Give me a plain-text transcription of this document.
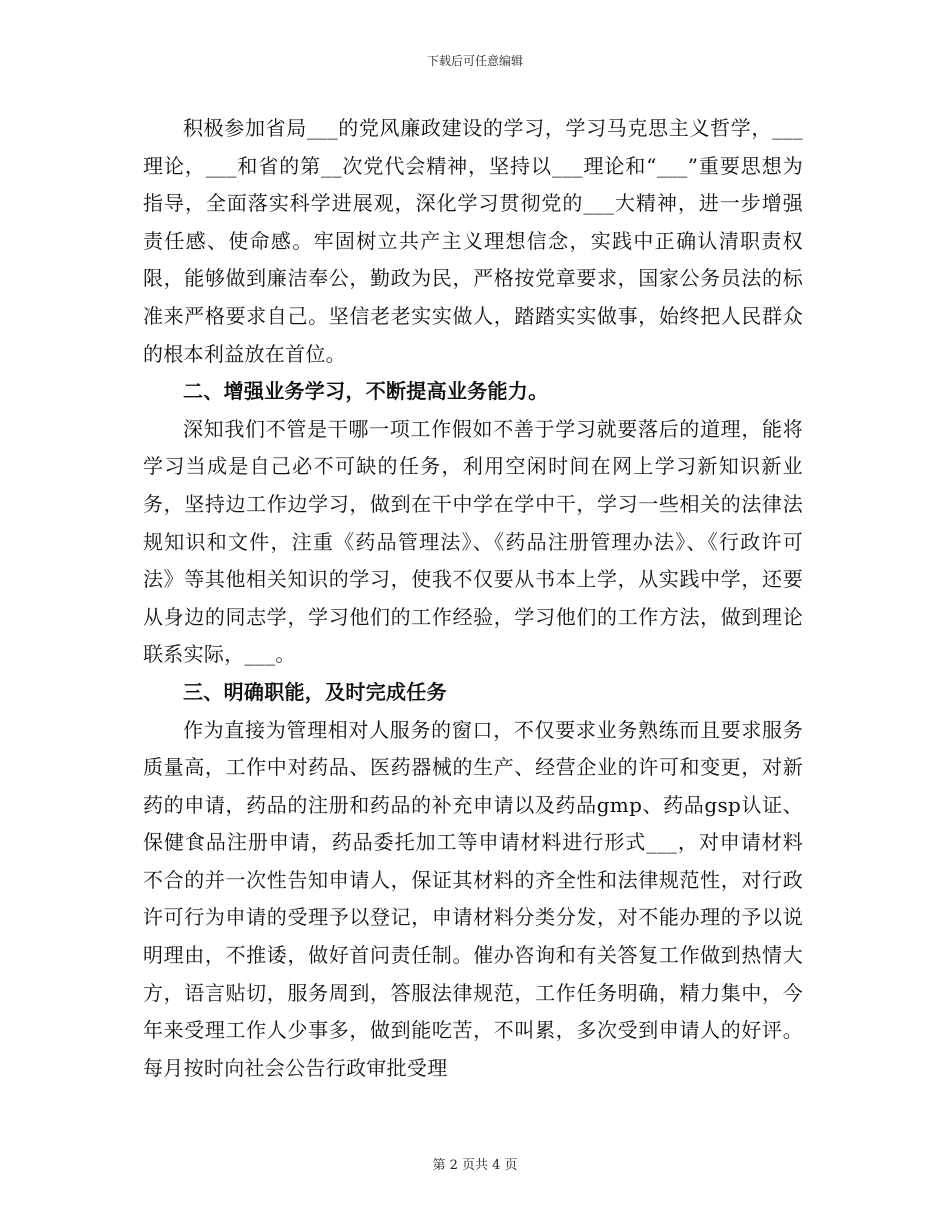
下载后可任意编辑

积极参加省局___的党风廉政建设的学习，学习马克思主义哲学，___理论，___和省的第__次党代会精神，坚持以___理论和“___”重要思想为指导，全面落实科学进展观，深化学习贯彻党的___大精神，进一步增强责任感、使命感。牢固树立共产主义理想信念，实践中正确认清职责权限，能够做到廉洁奉公，勤政为民，严格按党章要求，国家公务员法的标准来严格要求自己。坚信老老实实做人，踏踏实实做事，始终把人民群众的根本利益放在首位。

二、增强业务学习，不断提高业务能力。

深知我们不管是干哪一项工作假如不善于学习就要落后的道理，能将学习当成是自己必不可缺的任务，利用空闲时间在网上学习新知识新业务，坚持边工作边学习，做到在干中学在学中干，学习一些相关的法律法规知识和文件，注重《药品管理法》、《药品注册管理办法》、《行政许可法》等其他相关知识的学习，使我不仅要从书本上学，从实践中学，还要从身边的同志学，学习他们的工作经验，学习他们的工作方法，做到理论联系实际，___。

三、明确职能，及时完成任务

作为直接为管理相对人服务的窗口，不仅要求业务熟练而且要求服务质量高，工作中对药品、医药器械的生产、经营企业的许可和变更，对新药的申请，药品的注册和药品的补充申请以及药品gmp、药品gsp认证、保健食品注册申请，药品委托加工等申请材料进行形式___，对申请材料不合的并一次性告知申请人，保证其材料的齐全性和法律规范性，对行政许可行为申请的受理予以登记，申请材料分类分发，对不能办理的予以说明理由，不推诿，做好首问责任制。催办咨询和有关答复工作做到热情大方，语言贴切，服务周到，答服法律规范，工作任务明确，精力集中，今年来受理工作人少事多，做到能吃苦，不叫累，多次受到申请人的好评。每月按时向社会公告行政审批受理

第 2 页共 4 页
